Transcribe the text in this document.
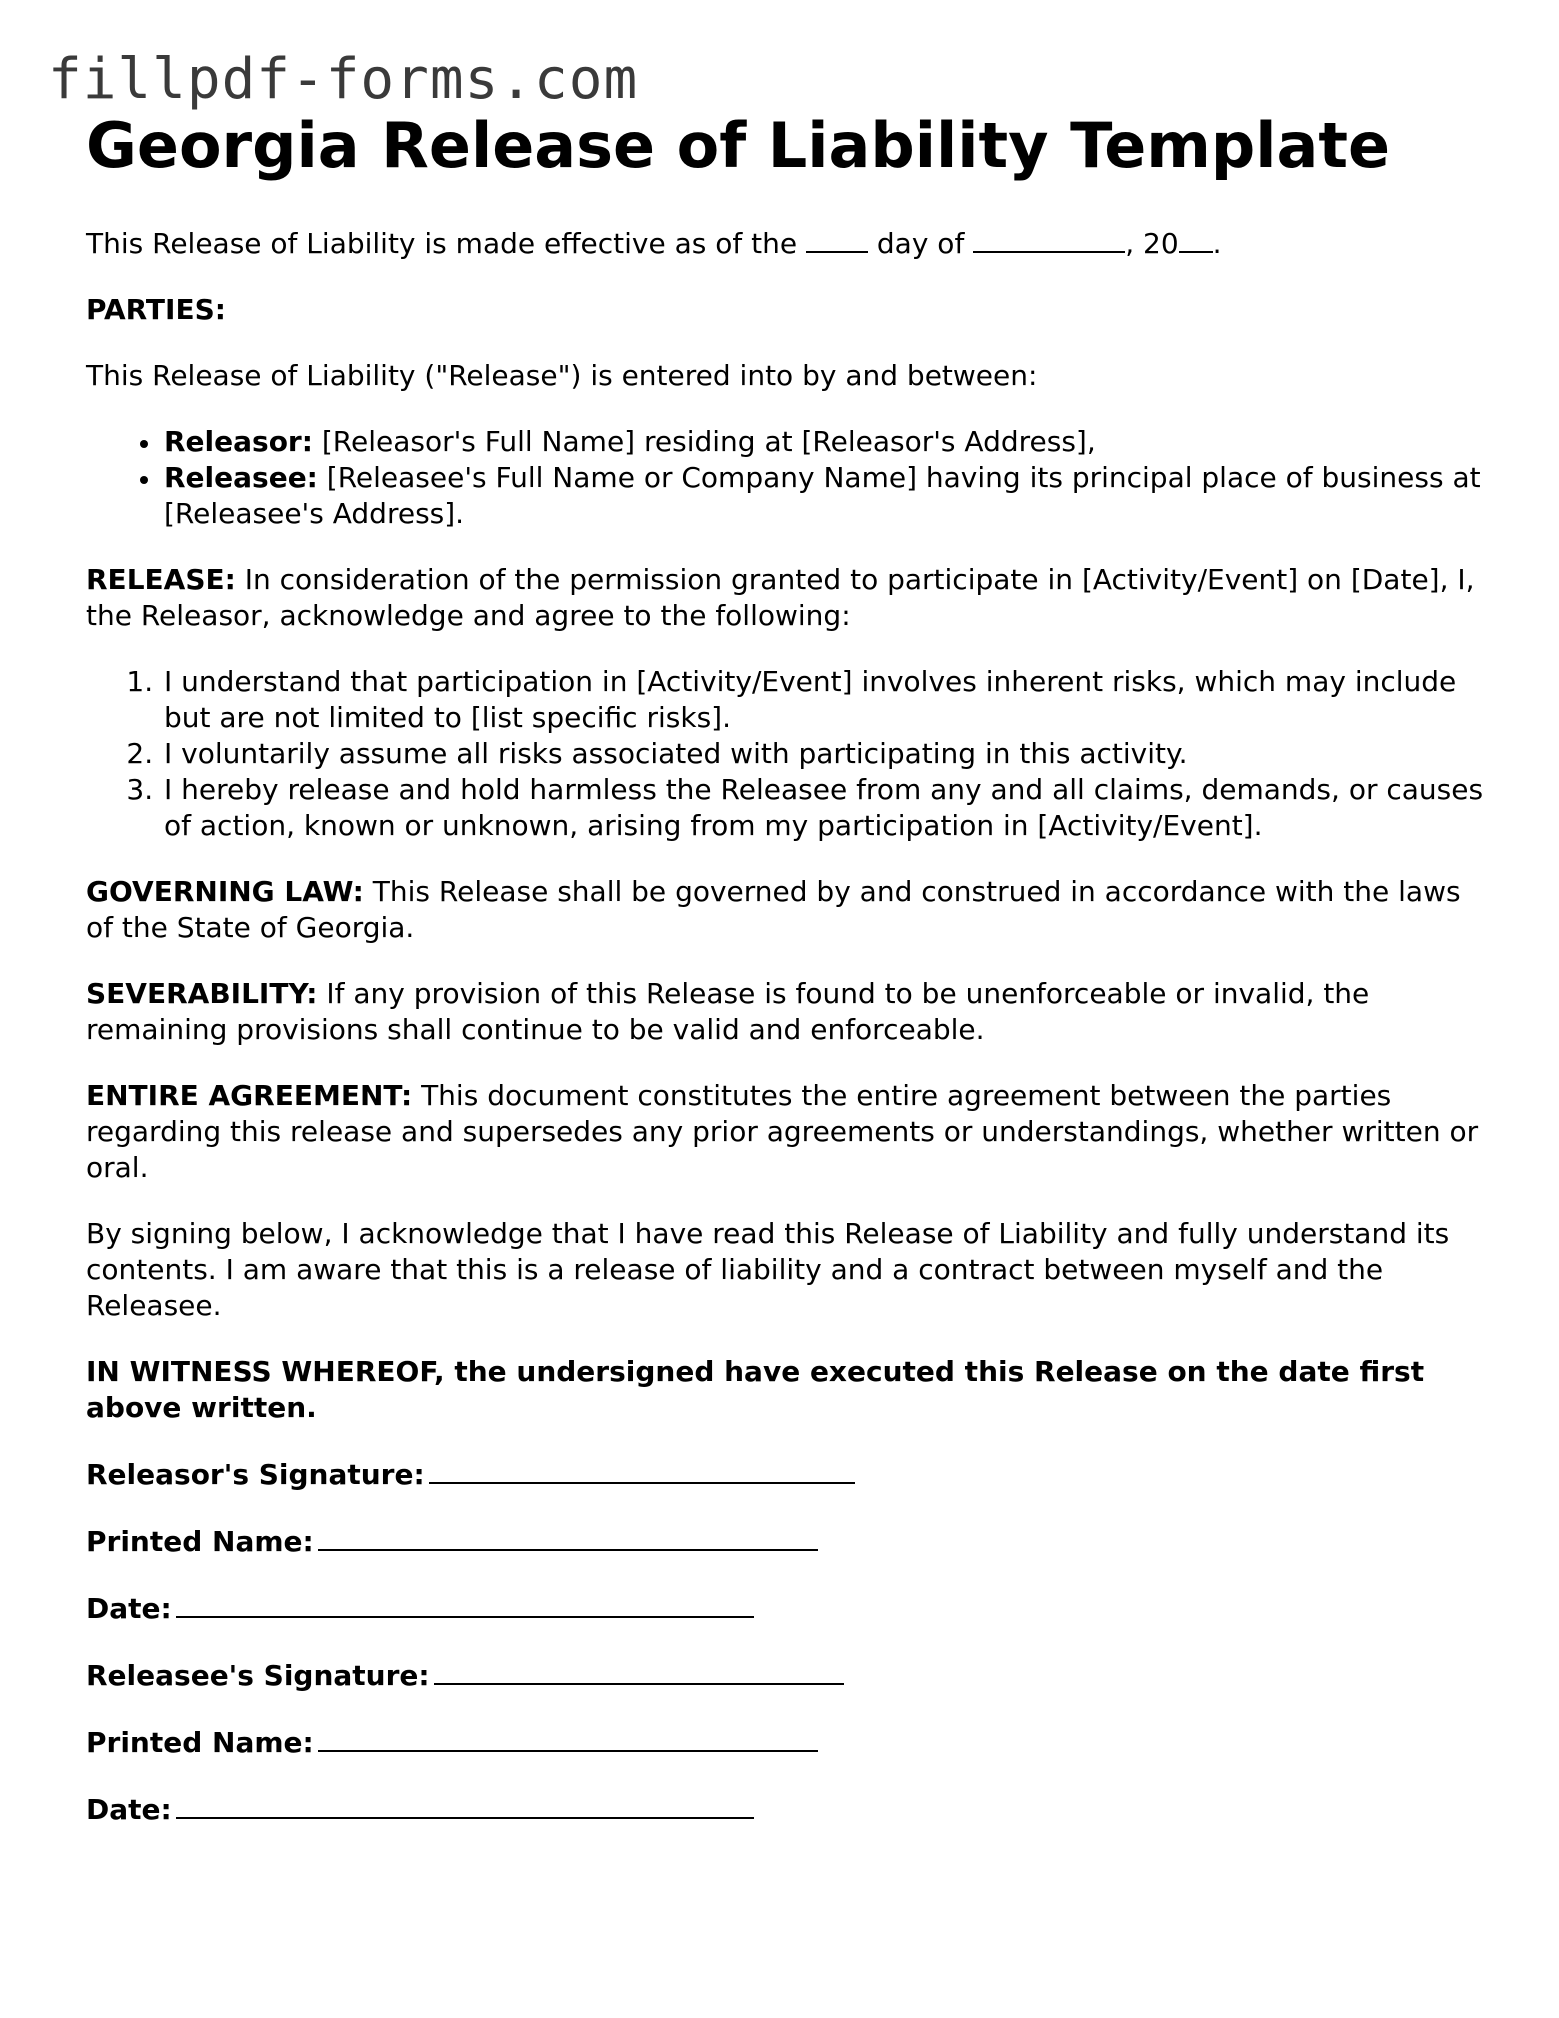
fillpdf-forms.com
Georgia Release of Liability Template

This Release of Liability is made effective as of the	day of	, 20 .

PARTIES:

This Release of Liability ("Release") is entered into by and between:

• Releasor: [Releasor's Full Name] residing at [Releasor's Address],
• Releasee: [Releasee's Full Name or Company Name] having its principal place of business at [Releasee's Address].

RELEASE: In consideration of the permission granted to participate in [Activity/Event] on [Date], I, the Releasor, acknowledge and agree to the following:

1. I understand that participation in [Activity/Event] involves inherent risks, which may include but are not limited to [list specific risks].
2. I voluntarily assume all risks associated with participating in this activity.
3. I hereby release and hold harmless the Releasee from any and all claims, demands, or causes of action, known or unknown, arising from my participation in [Activity/Event].

GOVERNING LAW: This Release shall be governed by and construed in accordance with the laws of the State of Georgia.

SEVERABILITY: If any provision of this Release is found to be unenforceable or invalid, the remaining provisions shall continue to be valid and enforceable.

ENTIRE AGREEMENT: This document constitutes the entire agreement between the parties regarding this release and supersedes any prior agreements or understandings, whether written or oral.

By signing below, I acknowledge that I have read this Release of Liability and fully understand its contents. I am aware that this is a release of liability and a contract between myself and the Releasee.

IN WITNESS WHEREOF, the undersigned have executed this Release on the date first above written.

Releasor's Signature:
Printed Name:
Date:
Releasee's Signature:
Printed Name:
Date:
